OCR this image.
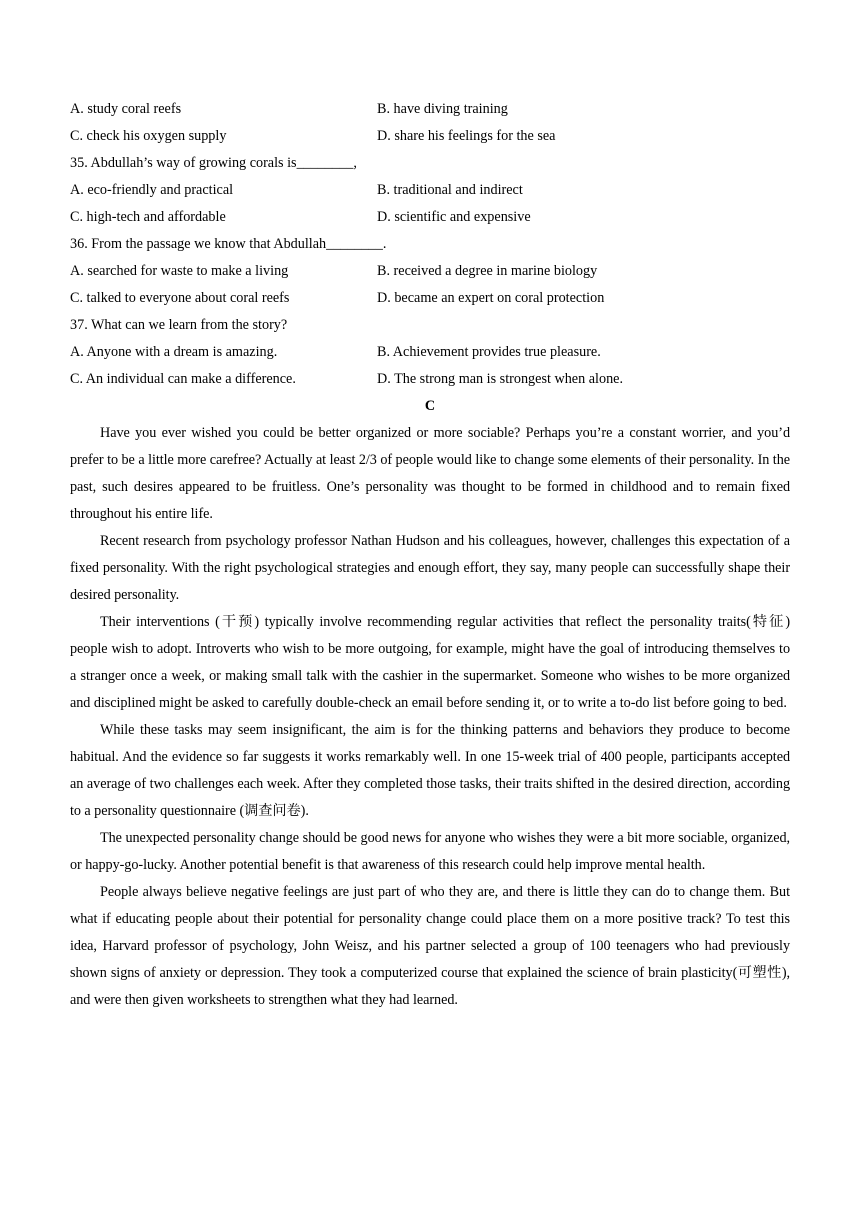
A. study coral reefs	B. have diving training
C. check his oxygen supply	D. share his feelings for the sea
35. Abdullah’s way of growing corals is________,
A. eco-friendly and practical	B. traditional and indirect
C. high-tech and affordable	D. scientific and expensive
36. From the passage we know that Abdullah________.
A. searched for waste to make a living	B. received a degree in marine biology
C. talked to everyone about coral reefs	D. became an expert on coral protection
37. What can we learn from the story?
A. Anyone with a dream is amazing.	B. Achievement provides true pleasure.
C. An individual can make a difference.	D. The strong man is strongest when alone.
C

Have you ever wished you could be better organized or more sociable? Perhaps you’re a constant worrier, and you’d prefer to be a little more carefree? Actually at least 2/3 of people would like to change some elements of their personality. In the past, such desires appeared to be fruitless. One’s personality was thought to be formed in childhood and to remain fixed throughout his entire life.

Recent research from psychology professor Nathan Hudson and his colleagues, however, challenges this expectation of a fixed personality. With the right psychological strategies and enough effort, they say, many people can successfully shape their desired personality.

Their interventions (干预) typically involve recommending regular activities that reflect the personality traits(特征) people wish to adopt. Introverts who wish to be more outgoing, for example, might have the goal of introducing themselves to a stranger once a week, or making small talk with the cashier in the supermarket. Someone who wishes to be more organized and disciplined might be asked to carefully double-check an email before sending it, or to write a to-do list before going to bed.

While these tasks may seem insignificant, the aim is for the thinking patterns and behaviors they produce to become habitual. And the evidence so far suggests it works remarkably well. In one 15-week trial of 400 people, participants accepted an average of two challenges each week. After they completed those tasks, their traits shifted in the desired direction, according to a personality questionnaire (调查问卷).

The unexpected personality change should be good news for anyone who wishes they were a bit more sociable, organized, or happy-go-lucky. Another potential benefit is that awareness of this research could help improve mental health.

People always believe negative feelings are just part of who they are, and there is little they can do to change them. But what if educating people about their potential for personality change could place them on a more positive track? To test this idea, Harvard professor of psychology, John Weisz, and his partner selected a group of 100 teenagers who had previously shown signs of anxiety or depression. They took a computerized course that explained the science of brain plasticity(可塑性), and were then given worksheets to strengthen what they had learned.
